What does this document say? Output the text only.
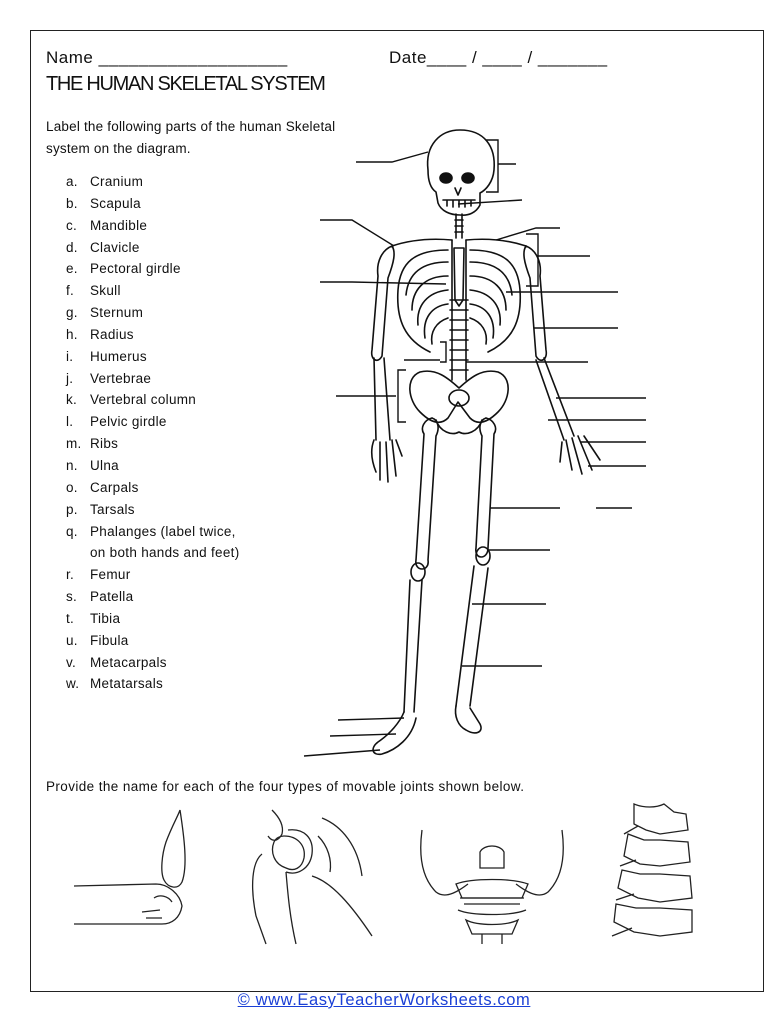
Name ___________________	Date____ / ____ / _______
THE HUMAN SKELETAL SYSTEM
Label the following parts of the human Skeletal system on the diagram.
a. Cranium
b. Scapula
c. Mandible
d. Clavicle
e. Pectoral girdle
f.	Skull
g. Sternum
h. Radius
i.	Humerus
j.	Vertebrae
k. Vertebral column
l.	Pelvic girdle
m. Ribs
n. Ulna
o. Carpals
p. Tarsals
q. Phalanges (label twice,
on both hands and feet)
r.	Femur
s. Patella
t.	Tibia
u. Fibula
v.	Metacarpals
w. Metatarsals
Provide the name for each of the four types of movable joints shown below.
© www.EasyTeacherWorksheets.com
